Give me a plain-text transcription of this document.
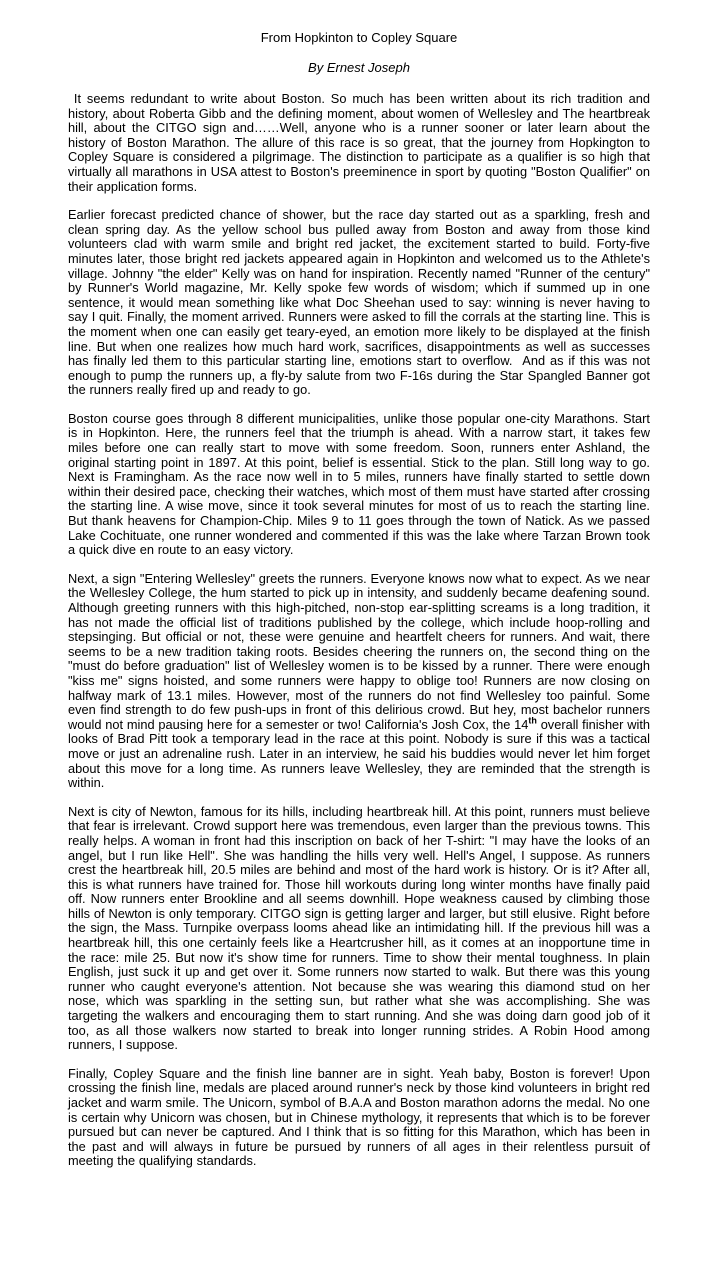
From Hopkinton to Copley Square
By Ernest Joseph

It seems redundant to write about Boston. So much has been written about its rich tradition and history, about Roberta Gibb and the defining moment, about women of Wellesley and The heartbreak hill, about the CITGO sign and……Well, anyone who is a runner sooner or later learn about the history of Boston Marathon. The allure of this race is so great, that the journey from Hopkington to Copley Square is considered a pilgrimage. The distinction to participate as a qualifier is so high that virtually all marathons in USA attest to Boston's preeminence in sport by quoting "Boston Qualifier" on their application forms.

Earlier forecast predicted chance of shower, but the race day started out as a sparkling, fresh and clean spring day. As the yellow school bus pulled away from Boston and away from those kind volunteers clad with warm smile and bright red jacket, the excitement started to build. Forty-five minutes later, those bright red jackets appeared again in Hopkinton and welcomed us to the Athlete's village. Johnny "the elder" Kelly was on hand for inspiration. Recently named "Runner of the century" by Runner's World magazine, Mr. Kelly spoke few words of wisdom; which if summed up in one sentence, it would mean something like what Doc Sheehan used to say: winning is never having to say I quit. Finally, the moment arrived. Runners were asked to fill the corrals at the starting line. This is the moment when one can easily get teary-eyed, an emotion more likely to be displayed at the finish line. But when one realizes how much hard work, sacrifices, disappointments as well as successes has finally led them to this particular starting line, emotions start to overflow.  And as if this was not enough to pump the runners up, a fly-by salute from two F-16s during the Star Spangled Banner got the runners really fired up and ready to go.

Boston course goes through 8 different municipalities, unlike those popular one-city Marathons. Start is in Hopkinton. Here, the runners feel that the triumph is ahead. With a narrow start, it takes few miles before one can really start to move with some freedom. Soon, runners enter Ashland, the original starting point in 1897. At this point, belief is essential. Stick to the plan. Still long way to go. Next is Framingham. As the race now well in to 5 miles, runners have finally started to settle down within their desired pace, checking their watches, which most of them must have started after crossing the starting line. A wise move, since it took several minutes for most of us to reach the starting line. But thank heavens for Champion-Chip. Miles 9 to 11 goes through the town of Natick. As we passed Lake Cochituate, one runner wondered and commented if this was the lake where Tarzan Brown took a quick dive en route to an easy victory.

Next, a sign "Entering Wellesley" greets the runners. Everyone knows now what to expect. As we near the Wellesley College, the hum started to pick up in intensity, and suddenly became deafening sound. Although greeting runners with this high-pitched, non-stop ear-splitting screams is a long tradition, it has not made the official list of traditions published by the college, which include hoop-rolling and stepsinging. But official or not, these were genuine and heartfelt cheers for runners. And wait, there seems to be a new tradition taking roots. Besides cheering the runners on, the second thing on the "must do before graduation" list of Wellesley women is to be kissed by a runner. There were enough "kiss me" signs hoisted, and some runners were happy to oblige too! Runners are now closing on halfway mark of 13.1 miles. However, most of the runners do not find Wellesley too painful. Some even find strength to do few push-ups in front of this delirious crowd. But hey, most bachelor runners would not mind pausing here for a semester or two! California's Josh Cox, the 14th overall finisher with looks of Brad Pitt took a temporary lead in the race at this point. Nobody is sure if this was a tactical move or just an adrenaline rush. Later in an interview, he said his buddies would never let him forget about this move for a long time. As runners leave Wellesley, they are reminded that the strength is within.

Next is city of Newton, famous for its hills, including heartbreak hill. At this point, runners must believe that fear is irrelevant. Crowd support here was tremendous, even larger than the previous towns. This really helps. A woman in front had this inscription on back of her T-shirt: "I may have the looks of an angel, but I run like Hell". She was handling the hills very well. Hell's Angel, I suppose. As runners crest the heartbreak hill, 20.5 miles are behind and most of the hard work is history. Or is it? After all, this is what runners have trained for. Those hill workouts during long winter months have finally paid off. Now runners enter Brookline and all seems downhill. Hope weakness caused by climbing those hills of Newton is only temporary. CITGO sign is getting larger and larger, but still elusive. Right before the sign, the Mass. Turnpike overpass looms ahead like an intimidating hill. If the previous hill was a heartbreak hill, this one certainly feels like a Heartcrusher hill, as it comes at an inopportune time in the race: mile 25. But now it's show time for runners. Time to show their mental toughness. In plain English, just suck it up and get over it. Some runners now started to walk. But there was this young runner who caught everyone's attention. Not because she was wearing this diamond stud on her nose, which was sparkling in the setting sun, but rather what she was accomplishing. She was targeting the walkers and encouraging them to start running. And she was doing darn good job of it too, as all those walkers now started to break into longer running strides. A Robin Hood among runners, I suppose.

Finally, Copley Square and the finish line banner are in sight. Yeah baby, Boston is forever! Upon crossing the finish line, medals are placed around runner's neck by those kind volunteers in bright red jacket and warm smile. The Unicorn, symbol of B.A.A and Boston marathon adorns the medal. No one is certain why Unicorn was chosen, but in Chinese mythology, it represents that which is to be forever pursued but can never be captured. And I think that is so fitting for this Marathon, which has been in the past and will always in future be pursued by runners of all ages in their relentless pursuit of meeting the qualifying standards.
